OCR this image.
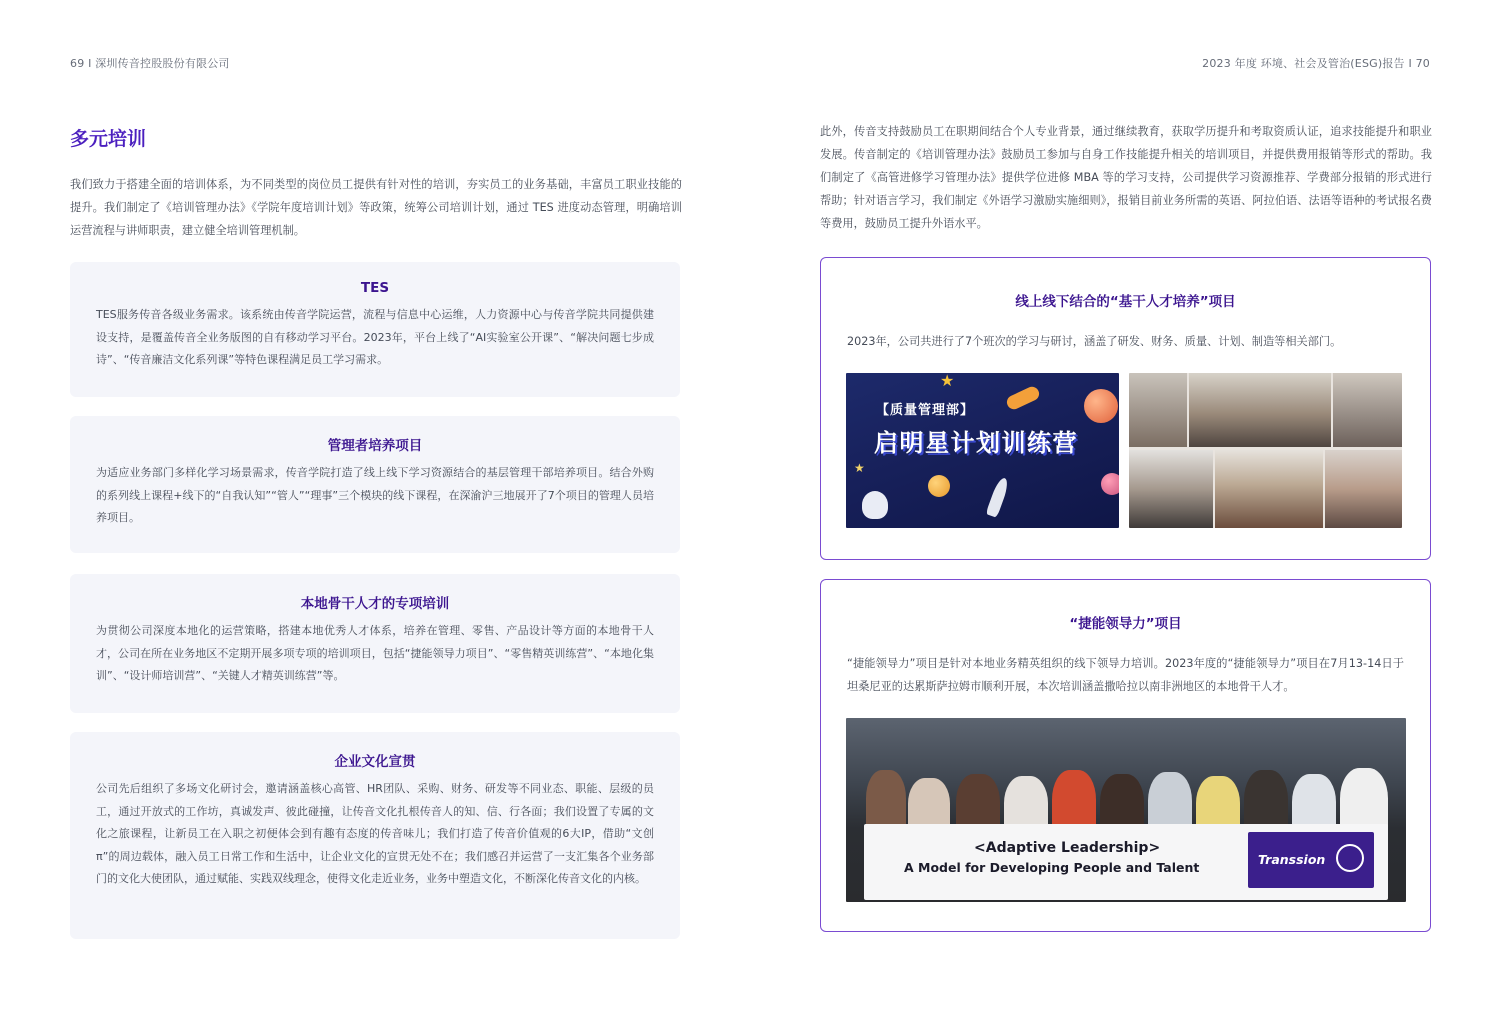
69 I 深圳传音控股股份有限公司	2023 年度 环境、社会及管治(ESG)报告 I 70
多元培训
我们致力于搭建全面的培训体系，为不同类型的岗位员工提供有针对性的培训，夯实员工的业务基础，丰富员工职业技能的提升。我们制定了《培训管理办法》《学院年度培训计划》等政策，统筹公司培训计划，通过 TES 进度动态管理，明确培训运营流程与讲师职责，建立健全培训管理机制。
TES
TES服务传音各级业务需求。该系统由传音学院运营，流程与信息中心运维，人力资源中心与传音学院共同提供建设支持，是覆盖传音全业务版图的自有移动学习平台。2023年，平台上线了“AI实验室公开课”、“解决问题七步成诗”、“传音廉洁文化系列课”等特色课程满足员工学习需求。
管理者培养项目
为适应业务部门多样化学习场景需求，传音学院打造了线上线下学习资源结合的基层管理干部培养项目。结合外购的系列线上课程+线下的“自我认知”“管人”“理事”三个模块的线下课程，在深渝沪三地展开了7个项目的管理人员培养项目。
本地骨干人才的专项培训
为贯彻公司深度本地化的运营策略，搭建本地优秀人才体系，培养在管理、零售、产品设计等方面的本地骨干人才，公司在所在业务地区不定期开展多项专项的培训项目，包括“捷能领导力项目”、“零售精英训练营”、“本地化集训”、“设计师培训营”、“关键人才精英训练营”等。
企业文化宣贯
公司先后组织了多场文化研讨会，邀请涵盖核心高管、HR团队、采购、财务、研发等不同业态、职能、层级的员工，通过开放式的工作坊，真诚发声、彼此碰撞，让传音文化扎根传音人的知、信、行各面；我们设置了专属的文化之旅课程，让新员工在入职之初便体会到有趣有态度的传音味儿；我们打造了传音价值观的6大IP，借助“文创π”的周边载体，融入员工日常工作和生活中，让企业文化的宣贯无处不在；我们感召并运营了一支汇集各个业务部门的文化大使团队，通过赋能、实践双线理念，使得文化走近业务，业务中塑造文化，不断深化传音文化的内核。
此外，传音支持鼓励员工在职期间结合个人专业背景，通过继续教育，获取学历提升和考取资质认证，追求技能提升和职业发展。传音制定的《培训管理办法》鼓励员工参加与自身工作技能提升相关的培训项目，并提供费用报销等形式的帮助。我们制定了《高管进修学习管理办法》提供学位进修 MBA 等的学习支持，公司提供学习资源推荐、学费部分报销的形式进行帮助；针对语言学习，我们制定《外语学习激励实施细则》，报销目前业务所需的英语、阿拉伯语、法语等语种的考试报名费等费用，鼓励员工提升外语水平。
线上线下结合的“基干人才培养”项目
2023年，公司共进行了7个班次的学习与研讨，涵盖了研发、财务、质量、计划、制造等相关部门。
【质量管理部】
启明星计划训练营
★
★
“捷能领导力”项目
“捷能领导力”项目是针对本地业务精英组织的线下领导力培训。2023年度的“捷能领导力”项目在7月13-14日于坦桑尼亚的达累斯萨拉姆市顺利开展，本次培训涵盖撒哈拉以南非洲地区的本地骨干人才。
<Adaptive Leadership>
A Model for Developing People and Talent
Transsion
